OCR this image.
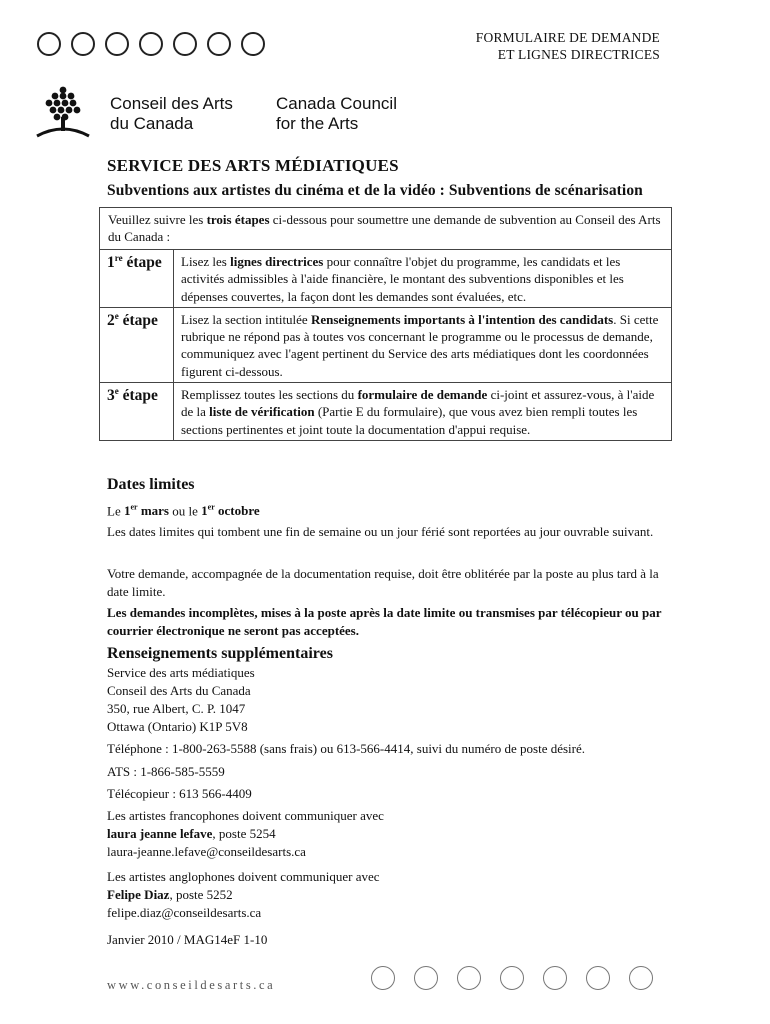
FORMULAIRE DE DEMANDE
ET LIGNES DIRECTRICES
Conseil des Arts
du Canada
Canada Council
for the Arts
SERVICE DES ARTS MÉDIATIQUES
Subventions aux artistes du cinéma et de la vidéo : Subventions de scénarisation
Veuillez suivre les trois étapes ci-dessous pour soumettre une demande de subvention au Conseil des Arts du Canada :
1re étape	Lisez les lignes directrices pour connaître l'objet du programme, les candidats et les activités admissibles à l'aide financière, le montant des subventions disponibles et les dépenses couvertes, la façon dont les demandes sont évaluées, etc.
2e étape	Lisez la section intitulée Renseignements importants à l'intention des candidats. Si cette rubrique ne répond pas à toutes vos concernant le programme ou le processus de demande, communiquez avec l'agent pertinent du Service des arts médiatiques dont les coordonnées figurent ci-dessous.
3e étape	Remplissez toutes les sections du formulaire de demande ci-joint et assurez-vous, à l'aide de la liste de vérification (Partie E du formulaire), que vous avez bien rempli toutes les sections pertinentes et joint toute la documentation d'appui requise.
Dates limites
Le 1er mars ou le 1er octobre
Les dates limites qui tombent une fin de semaine ou un jour férié sont reportées au jour ouvrable suivant.
Votre demande, accompagnée de la documentation requise, doit être oblitérée par la poste au plus tard à la date limite.
Les demandes incomplètes, mises à la poste après la date limite ou transmises par télécopieur ou par courrier électronique ne seront pas acceptées.
Renseignements supplémentaires
Service des arts médiatiques
Conseil des Arts du Canada
350, rue Albert, C. P. 1047
Ottawa (Ontario) K1P 5V8
Téléphone : 1-800-263-5588 (sans frais) ou 613-566-4414, suivi du numéro de poste désiré.
ATS : 1-866-585-5559
Télécopieur : 613 566-4409
Les artistes francophones doivent communiquer avec
laura jeanne lefave, poste 5254
laura-jeanne.lefave@conseildesarts.ca
Les artistes anglophones doivent communiquer avec
Felipe Diaz, poste 5252
felipe.diaz@conseildesarts.ca
Janvier 2010 / MAG14eF 1-10
www.conseildesarts.ca
